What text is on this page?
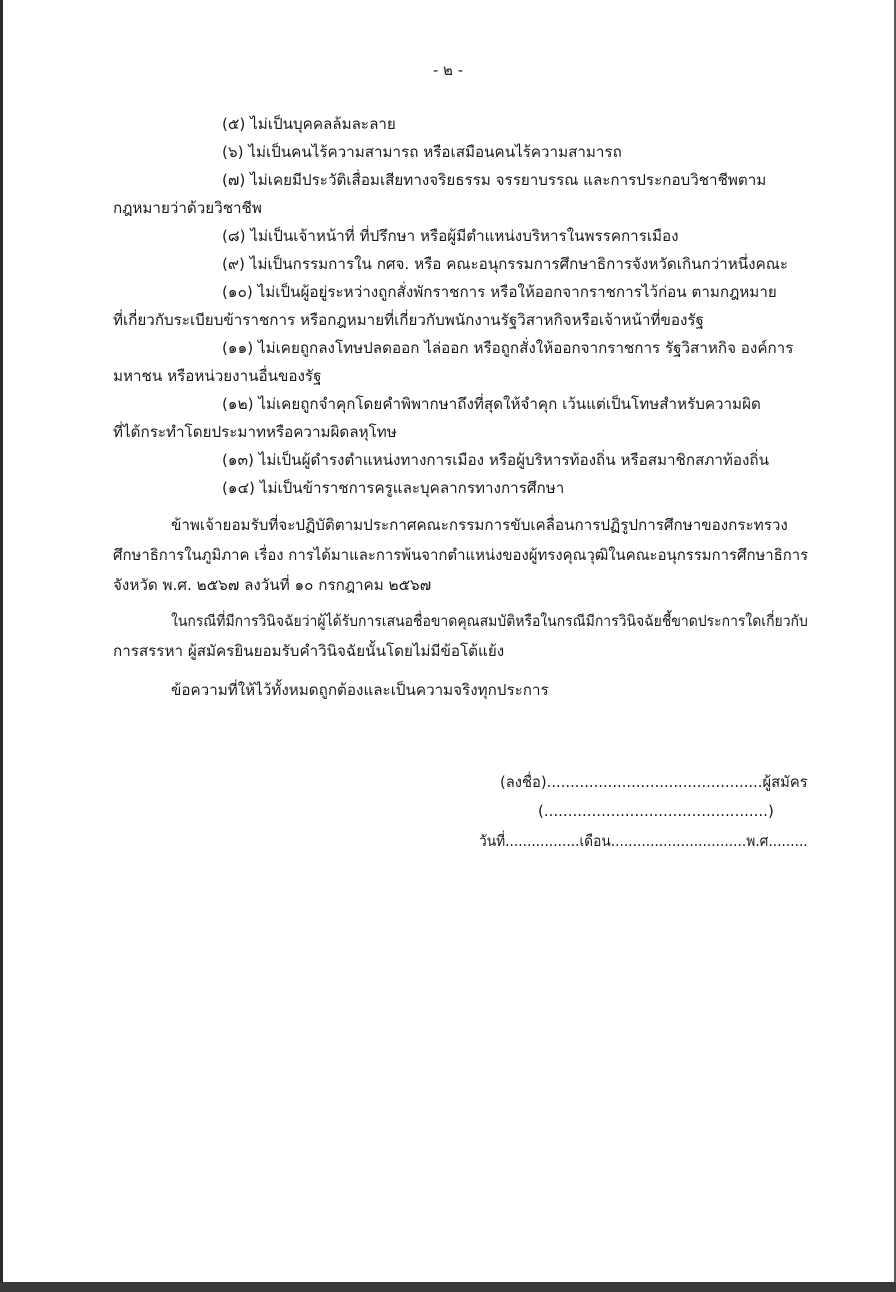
- ๒ -
(๕) ไม่เป็นบุคคลล้มละลาย
(๖) ไม่เป็นคนไร้ความสามารถ หรือเสมือนคนไร้ความสามารถ
(๗) ไม่เคยมีประวัติเสื่อมเสียทางจริยธรรม จรรยาบรรณ และการประกอบวิชาชีพตาม
กฎหมายว่าด้วยวิชาชีพ
(๘) ไม่เป็นเจ้าหน้าที่ ที่ปรึกษา หรือผู้มีตำแหน่งบริหารในพรรคการเมือง
(๙) ไม่เป็นกรรมการใน กศจ. หรือ คณะอนุกรรมการศึกษาธิการจังหวัดเกินกว่าหนึ่งคณะ
(๑๐) ไม่เป็นผู้อยู่ระหว่างถูกสั่งพักราชการ หรือให้ออกจากราชการไว้ก่อน ตามกฎหมาย
ที่เกี่ยวกับระเบียบข้าราชการ หรือกฎหมายที่เกี่ยวกับพนักงานรัฐวิสาหกิจหรือเจ้าหน้าที่ของรัฐ
(๑๑) ไม่เคยถูกลงโทษปลดออก ไล่ออก หรือถูกสั่งให้ออกจากราชการ รัฐวิสาหกิจ องค์การ
มหาชน หรือหน่วยงานอื่นของรัฐ
(๑๒) ไม่เคยถูกจำคุกโดยคำพิพากษาถึงที่สุดให้จำคุก เว้นแต่เป็นโทษสำหรับความผิด
ที่ได้กระทำโดยประมาทหรือความผิดลหุโทษ
(๑๓) ไม่เป็นผู้ดำรงตำแหน่งทางการเมือง หรือผู้บริหารท้องถิ่น หรือสมาชิกสภาท้องถิ่น
(๑๔) ไม่เป็นข้าราชการครูและบุคลากรทางการศึกษา
ข้าพเจ้ายอมรับที่จะปฏิบัติตามประกาศคณะกรรมการขับเคลื่อนการปฏิรูปการศึกษาของกระทรวง
ศึกษาธิการในภูมิภาค เรื่อง การได้มาและการพ้นจากตำแหน่งของผู้ทรงคุณวุฒิในคณะอนุกรรมการศึกษาธิการ
จังหวัด พ.ศ. ๒๕๖๗ ลงวันที่ ๑๐ กรกฎาคม ๒๕๖๗
ในกรณีที่มีการวินิจฉัยว่าผู้ได้รับการเสนอชื่อขาดคุณสมบัติหรือในกรณีมีการวินิจฉัยชี้ขาดประการใดเกี่ยวกับ
การสรรหา ผู้สมัครยินยอมรับคำวินิจฉัยนั้นโดยไม่มีข้อโต้แย้ง
ข้อความที่ให้ไว้ทั้งหมดถูกต้องและเป็นความจริงทุกประการ
(ลงชื่อ)..............................................ผู้สมัคร
(...............................................)
วันที่.................เดือน...............................พ.ศ.........
